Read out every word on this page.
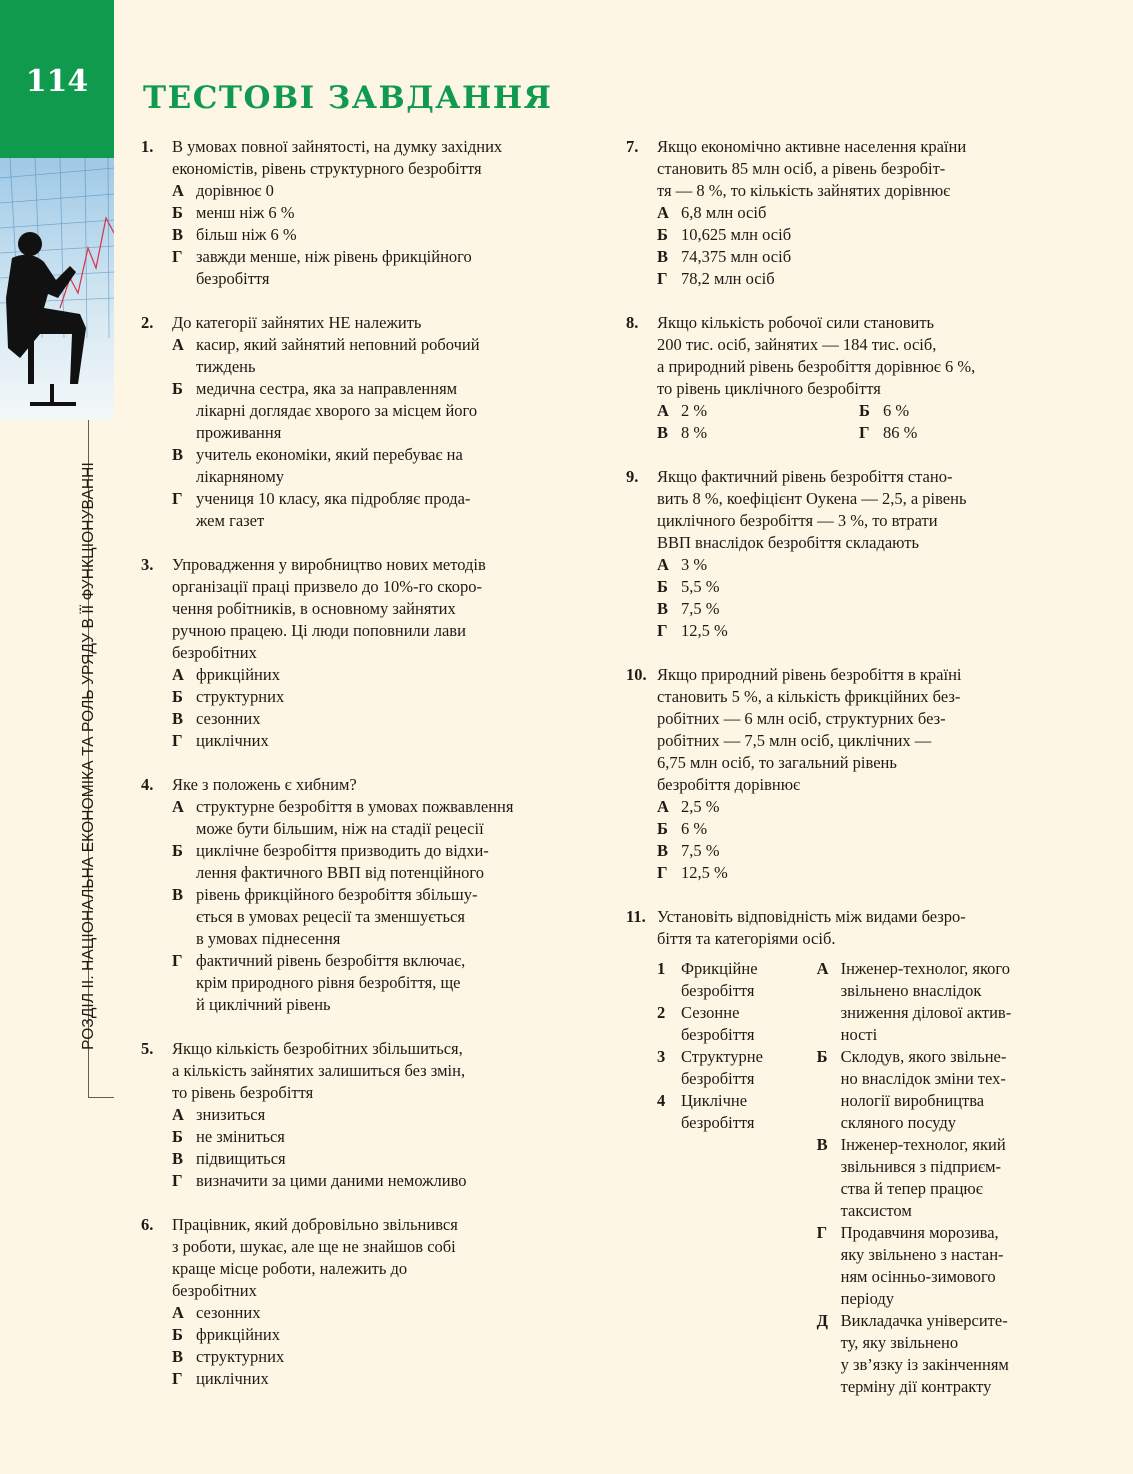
114
РОЗДІЛ ІІ. НАЦІОНАЛЬНА ЕКОНОМІКА ТА РОЛЬ УРЯДУ В ЇЇ ФУНКЦІОНУВАННІ
ТЕСТОВІ ЗАВДАННЯ
1. В умовах повної зайнятості, на думку західних
економістів, рівень структурного безробіття
А дорівнює 0
Б менш ніж 6 %
В більш ніж 6 %
Г завжди менше, ніж рівень фрикційного
безробіття
2. До категорії зайнятих НЕ належить
А касир, який зайнятий неповний робочий
тиждень
Б медична сестра, яка за направленням
лікарні доглядає хворого за місцем його
проживання
В учитель економіки, який перебуває на
лікарняному
Г учениця 10 класу, яка підробляє прода-
жем газет
3. Упровадження у виробництво нових методів
організації праці призвело до 10%-го скоро-
чення робітників, в основному зайнятих
ручною працею. Ці люди поповнили лави
безробітних
А фрикційних
Б структурних
В сезонних
Г циклічних
4. Яке з положень є хибним?
А структурне безробіття в умовах пожвавлення
може бути більшим, ніж на стадії рецесії
Б циклічне безробіття призводить до відхи-
лення фактичного ВВП від потенційного
В рівень фрикційного безробіття збільшу-
ється в умовах рецесії та зменшується
в умовах піднесення
Г фактичний рівень безробіття включає,
крім природного рівня безробіття, ще
й циклічний рівень
5. Якщо кількість безробітних збільшиться,
а кількість зайнятих залишиться без змін,
то рівень безробіття
А знизиться
Б не зміниться
В підвищиться
Г визначити за цими даними неможливо
6. Працівник, який добровільно звільнився
з роботи, шукає, але ще не знайшов собі
краще місце роботи, належить до
безробітних
А сезонних
Б фрикційних
В структурних
Г циклічних
7. Якщо економічно активне населення країни
становить 85 млн осіб, а рівень безробіт-
тя — 8 %, то кількість зайнятих дорівнює
А 6,8 млн осіб
Б 10,625 млн осіб
В 74,375 млн осіб
Г 78,2 млн осіб
8. Якщо кількість робочої сили становить
200 тис. осіб, зайнятих — 184 тис. осіб,
а природний рівень безробіття дорівнює 6 %,
то рівень циклічного безробіття
А 2 %	Б 6 %
В 8 %	Г 86 %
9. Якщо фактичний рівень безробіття стано-
вить 8 %, коефіцієнт Оукена — 2,5, а рівень
циклічного безробіття — 3 %, то втрати
ВВП внаслідок безробіття складають
А 3 %
Б 5,5 %
В 7,5 %
Г 12,5 %
10. Якщо природний рівень безробіття в країні
становить 5 %, а кількість фрикційних без-
робітних — 6 млн осіб, структурних без-
робітних — 7,5 млн осіб, циклічних —
6,75 млн осіб, то загальний рівень
безробіття дорівнює
А 2,5 %
Б 6 %
В 7,5 %
Г 12,5 %
11. Установіть відповідність між видами безро-
біття та категоріями осіб.
1 Фрикційне
безробіття
2 Сезонне
безробіття
3 Структурне
безробіття
4 Циклічне
безробіття
А Інженер-технолог, якого
звільнено внаслідок
зниження ділової актив-
ності
Б Склодув, якого звільне-
но внаслідок зміни тех-
нології виробництва
скляного посуду
В Інженер-технолог, який
звільнився з підприєм-
ства й тепер працює
таксистом
Г Продавчиня морозива,
яку звільнено з настан-
ням осінньо-зимового
періоду
Д Викладачка університе-
ту, яку звільнено
у зв’язку із закінченням
терміну дії контракту
